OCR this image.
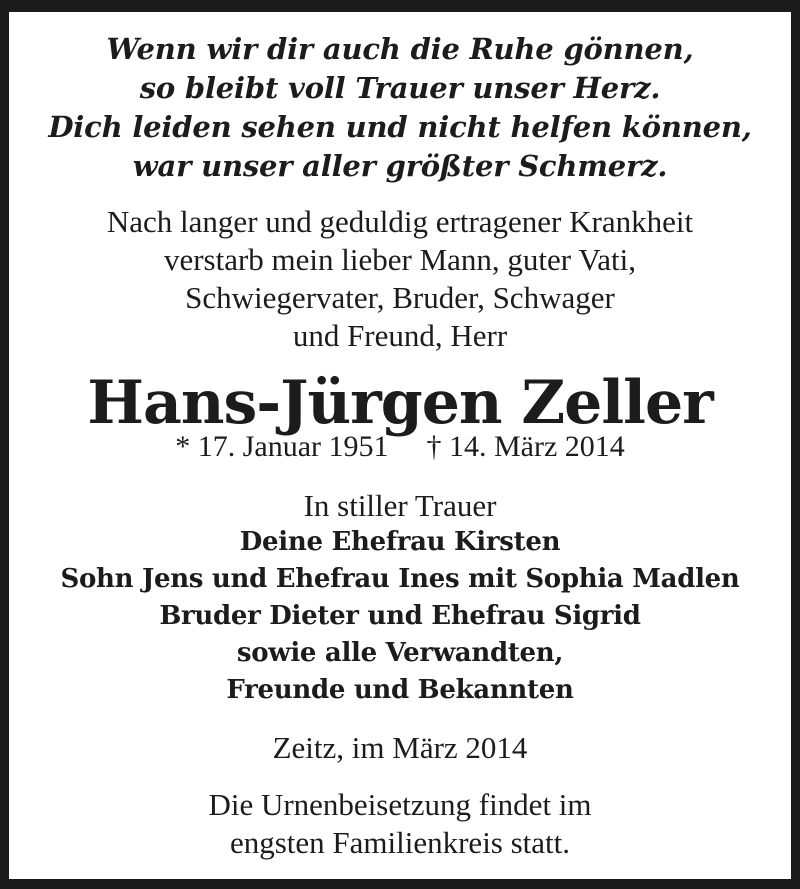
Wenn wir dir auch die Ruhe gönnen,
so bleibt voll Trauer unser Herz.
Dich leiden sehen und nicht helfen können,
war unser aller größter Schmerz.
Nach langer und geduldig ertragener Krankheit
verstarb mein lieber Mann, guter Vati,
Schwiegervater, Bruder, Schwager
und Freund, Herr
Hans-Jürgen Zeller
* 17. Januar 1951 † 14. März 2014
In stiller Trauer
Deine Ehefrau Kirsten
Sohn Jens und Ehefrau Ines mit Sophia Madlen
Bruder Dieter und Ehefrau Sigrid
sowie alle Verwandten,
Freunde und Bekannten
Zeitz, im März 2014
Die Urnenbeisetzung findet im
engsten Familienkreis statt.
